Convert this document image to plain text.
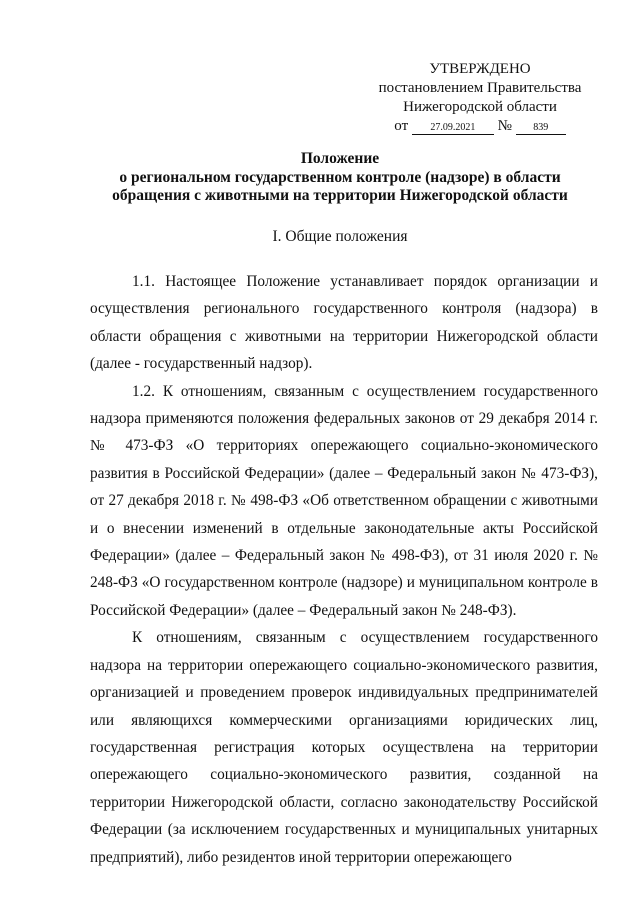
УТВЕРЖДЕНО
постановлением Правительства
Нижегородской области
от 27.09.2021 № 839
Положение
о региональном государственном контроле (надзоре) в области
обращения с животными на территории Нижегородской области
I. Общие положения

1.1. Настоящее Положение устанавливает порядок организации и осуществления регионального государственного контроля (надзора) в области обращения с животными на территории Нижегородской области (далее - государственный надзор).

1.2. К отношениям, связанным с осуществлением государственного надзора применяются положения федеральных законов от 29 декабря 2014 г. № 473-ФЗ «О территориях опережающего социально-экономического развития в Российской Федерации» (далее – Федеральный закон № 473-ФЗ), от 27 декабря 2018 г. № 498-ФЗ «Об ответственном обращении с животными и о внесении изменений в отдельные законодательные акты Российской Федерации» (далее – Федеральный закон № 498-ФЗ), от 31 июля 2020 г. № 248-ФЗ «О государственном контроле (надзоре) и муниципальном контроле в Российской Федерации» (далее – Федеральный закон № 248-ФЗ).

К отношениям, связанным с осуществлением государственного надзора на территории опережающего социально-экономического развития, организацией и проведением проверок индивидуальных предпринимателей или являющихся коммерческими организациями юридических лиц, государственная регистрация которых осуществлена на территории опережающего социально-экономического развития, созданной на территории Нижегородской области, согласно законодательству Российской Федерации (за исключением государственных и муниципальных унитарных предприятий), либо резидентов иной территории опережающего
